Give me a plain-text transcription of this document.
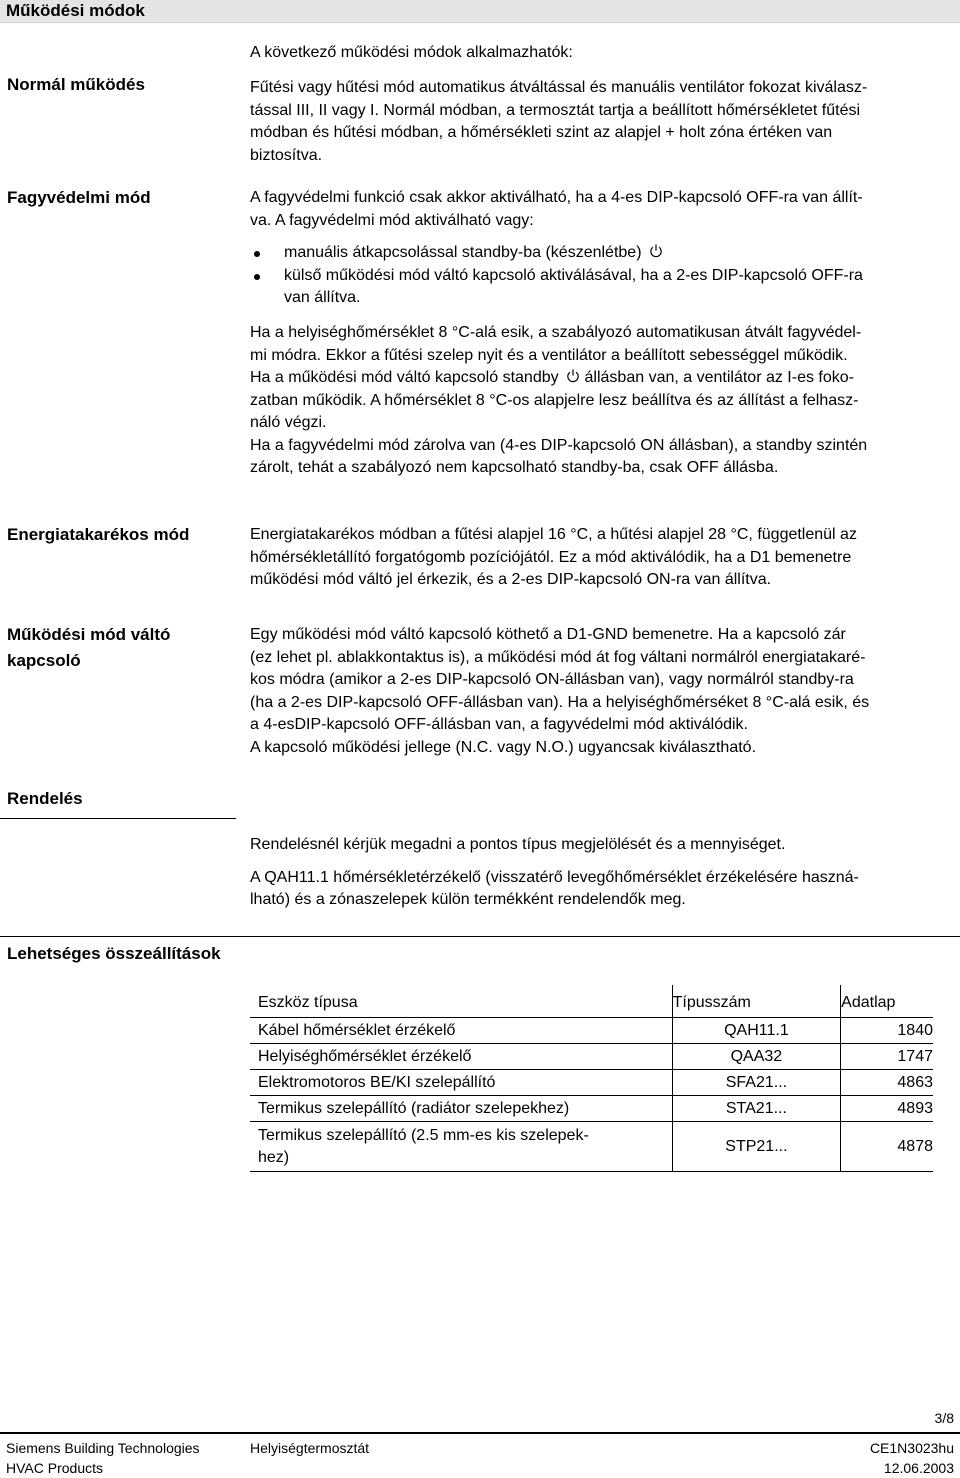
Működési módok
A következő működési módok alkalmazhatók:
Normál működés	Fűtési vagy hűtési mód automatikus átváltással és manuális ventilátor fokozat kiválasz-

tással III, II vagy I. Normál módban, a termosztát tartja a beállított hőmérsékletet fűtési

módban és hűtési módban, a hőmérsékleti szint az alapjel + holt zóna értéken van

biztosítva.

Fagyvédelmi mód	A fagyvédelmi funkció csak akkor aktiválható, ha a 4-es DIP-kapcsoló OFF-ra van állít-

va. A fagyvédelmi mód aktiválható vagy:

manuális átkapcsolással standby-ba (készenlétbe)
külső működési mód váltó kapcsoló aktiválásával, ha a 2-es DIP-kapcsoló OFF-ra
van állítva.

Ha a helyiséghőmérséklet 8 °C-alá esik, a szabályozó automatikusan átvált fagyvédel-

mi módra. Ekkor a fűtési szelep nyit és a ventilátor a beállított sebességgel működik.

Ha a működési mód váltó kapcsoló standby állásban van, a ventilátor az I-es foko-

zatban működik. A hőmérséklet 8 °C-os alapjelre lesz beállítva és az állítást a felhasz-

náló végzi.

Ha a fagyvédelmi mód zárolva van (4-es DIP-kapcsoló ON állásban), a standby szintén

zárolt, tehát a szabályozó nem kapcsolható standby-ba, csak OFF állásba.

Energiatakarékos mód	Energiatakarékos módban a fűtési alapjel 16 °C, a hűtési alapjel 28 °C, függetlenül az

hőmérsékletállító forgatógomb pozíciójától. Ez a mód aktiválódik, ha a D1 bemenetre

működési mód váltó jel érkezik, és a 2-es DIP-kapcsoló ON-ra van állítva.

Működési mód váltó
kapcsoló

Egy működési mód váltó kapcsoló köthető a D1-GND bemenetre. Ha a kapcsoló zár

(ez lehet pl. ablakkontaktus is), a működési mód át fog váltani normálról energiatakaré-

kos módra (amikor a 2-es DIP-kapcsoló ON-állásban van), vagy normálról standby-ra

(ha a 2-es DIP-kapcsoló OFF-állásban van). Ha a helyiséghőmérséket 8 °C-alá esik, és

a 4-esDIP-kapcsoló OFF-állásban van, a fagyvédelmi mód aktiválódik.

A kapcsoló működési jellege (N.C. vagy N.O.) ugyancsak kiválasztható.

Rendelés

Rendelésnél kérjük megadni a pontos típus megjelölését és a mennyiséget.

A QAH11.1 hőmérsékletérzékelő (visszatérő levegőhőmérséklet érzékelésére haszná-

lható) és a zónaszelepek külön termékként rendelendők meg.

Lehetséges összeállítások
Eszköz típusa	Típusszám	Adatlap
Kábel hőmérséklet érzékelő	QAH11.1	1840
Helyiséghőmérséklet érzékelő	QAA32	1747
Elektromotoros BE/KI szelepállító	SFA21...	4863
Termikus szelepállító (radiátor szelepekhez)	STA21...	4893

Termikus szelepállító (2.5 mm-es kis szelepek-
hez)	STP21...	4878
3/8
Siemens Building Technologies
HVAC Products
Helyiségtermosztát	CE1N3023hu
12.06.2003
